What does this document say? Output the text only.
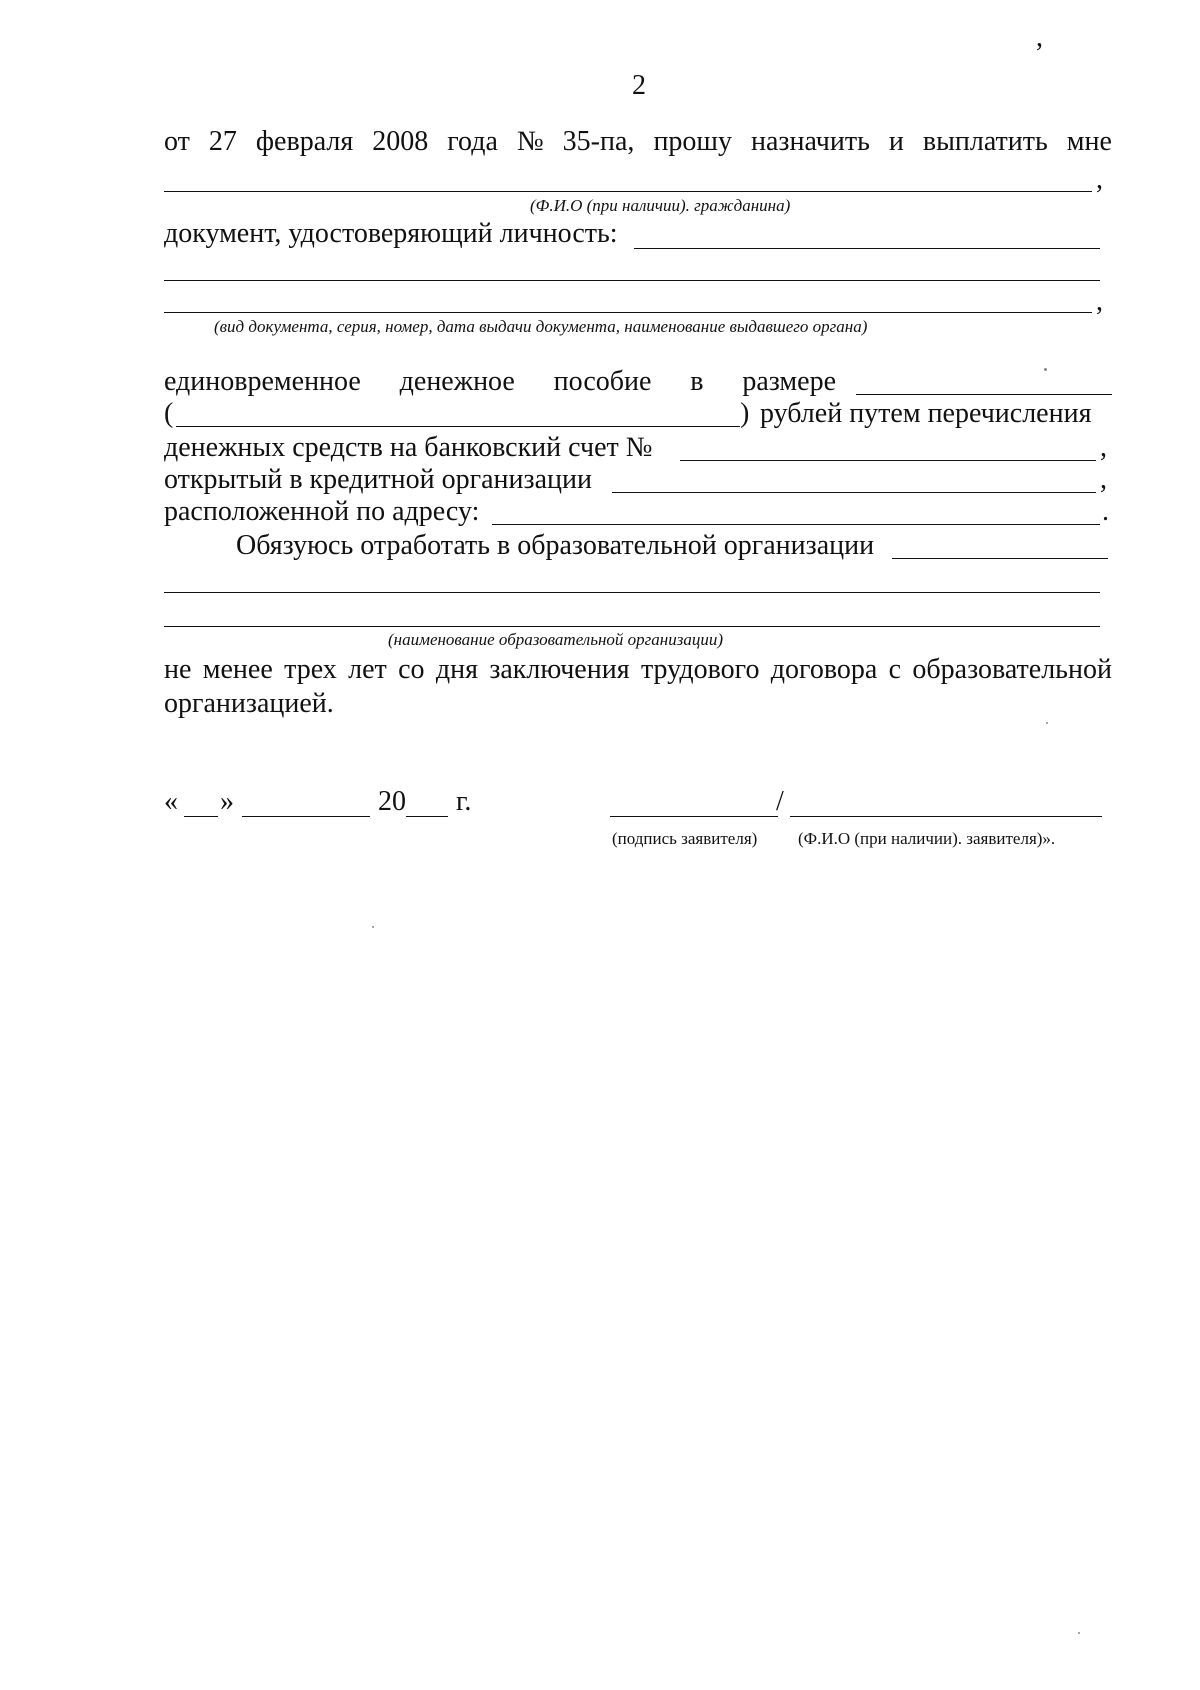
2
,
от 27 февраля 2008 года № 35-па, прошу назначить и выплатить мне
,
(Ф.И.О (при наличии). гражданина)
документ, удостоверяющий личность:
,
(вид документа, серия, номер, дата выдачи документа, наименование выдавшего органа)
единовременное денежное пособие в размере
(	) рублей путем перечисления
денежных средств на банковский счет №	,
открытый в кредитной организации	,
расположенной по адресу:	.
Обязуюсь отработать в образовательной организации
(наименование образовательной организации)
не менее трех лет со дня заключения трудового договора с образовательной
организацией.
« »	20 г.	/
(подпись заявителя) (Ф.И.О (при наличии). заявителя)».
